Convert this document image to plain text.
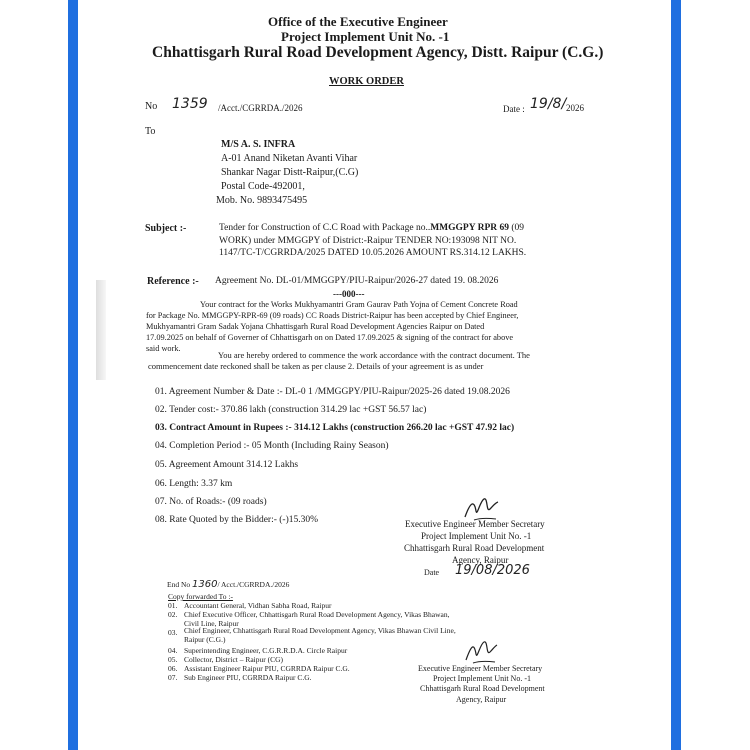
Office of the Executive Engineer
Project Implement Unit No. -1
Chhattisgarh Rural Road Development Agency, Distt. Raipur (C.G.)
WORK ORDER
No 1359 /Acct./CGRRDA./2026	Date : 19/8/ 2026
To
M/S A. S. INFRA
A-01 Anand Niketan Avanti Vihar
Shankar Nagar Distt-Raipur,(C.G)
Postal Code-492001,
Mob. No. 9893475495
Subject :-	Tender for Construction of C.C Road with Package no..MMGGPY RPR 69 (09
WORK) under MMGGPY of District:-Raipur TENDER NO:193098 NIT NO.
1147/TC-T/CGRRDA/2025 DATED 10.05.2026 AMOUNT RS.314.12 LAKHS.
Reference :- Agreement No. DL-01/MMGGPY/PIU-Raipur/2026-27 dated 19. 08.2026
---000---
Your contract for the Works Mukhyamantri Gram Gaurav Path Yojna of Cement Concrete Road
for Package No. MMGGPY-RPR-69 (09 roads) CC Roads District-Raipur has been accepted by Chief Engineer,
Mukhyamantri Gram Sadak Yojana Chhattisgarh Rural Road Development Agencies Raipur on Dated
17.09.2025 on behalf of Governer of Chhattisgarh on on Dated 17.09.2025 & signing of the contract for above
said work.
You are hereby ordered to commence the work accordance with the contract document. The
commencement date reckoned shall be taken as per clause 2. Details of your agreement is as under
01. Agreement Number & Date :- DL-0 1 /MMGGPY/PIU-Raipur/2025-26 dated 19.08.2026
02. Tender cost:- 370.86 lakh (construction 314.29 lac +GST 56.57 lac)
03. Contract Amount in Rupees :- 314.12 Lakhs (construction 266.20 lac +GST 47.92 lac)
04. Completion Period :- 05 Month (Including Rainy Season)
05. Agreement Amount 314.12 Lakhs
06. Length: 3.37 km
07. No. of Roads:- (09 roads)
08. Rate Quoted by the Bidder:- (-)15.30%	Executive Engineer Member Secretary
Project Implement Unit No. -1
Chhattisgarh Rural Road Development
Agency, Raipur
Date 19/08/2026
End No 1360/ Acct./CGRRDA./2026
Copy forwarded To :-
01. Accountant General, Vidhan Sabha Road, Raipur
02. Chief Executive Officer, Chhattisgarh Rural Road Development Agency, Vikas Bhawan,
Civil Line, Raipur
03. Chief Engineer, Chhattisgarh Rural Road Development Agency, Vikas Bhawan Civil Line,
Raipur (C.G.)
04. Superintending Engineer, C.G.R.R.D.A. Circle Raipur
05. Collector, District – Raipur (CG)
06. Assistant Engineer Raipur PIU, CGRRDA Raipur C.G.
07. Sub Engineer PIU, CGRRDA Raipur C.G.
Executive Engineer Member Secretary
Project Implement Unit No. -1
Chhattisgarh Rural Road Development
Agency, Raipur
